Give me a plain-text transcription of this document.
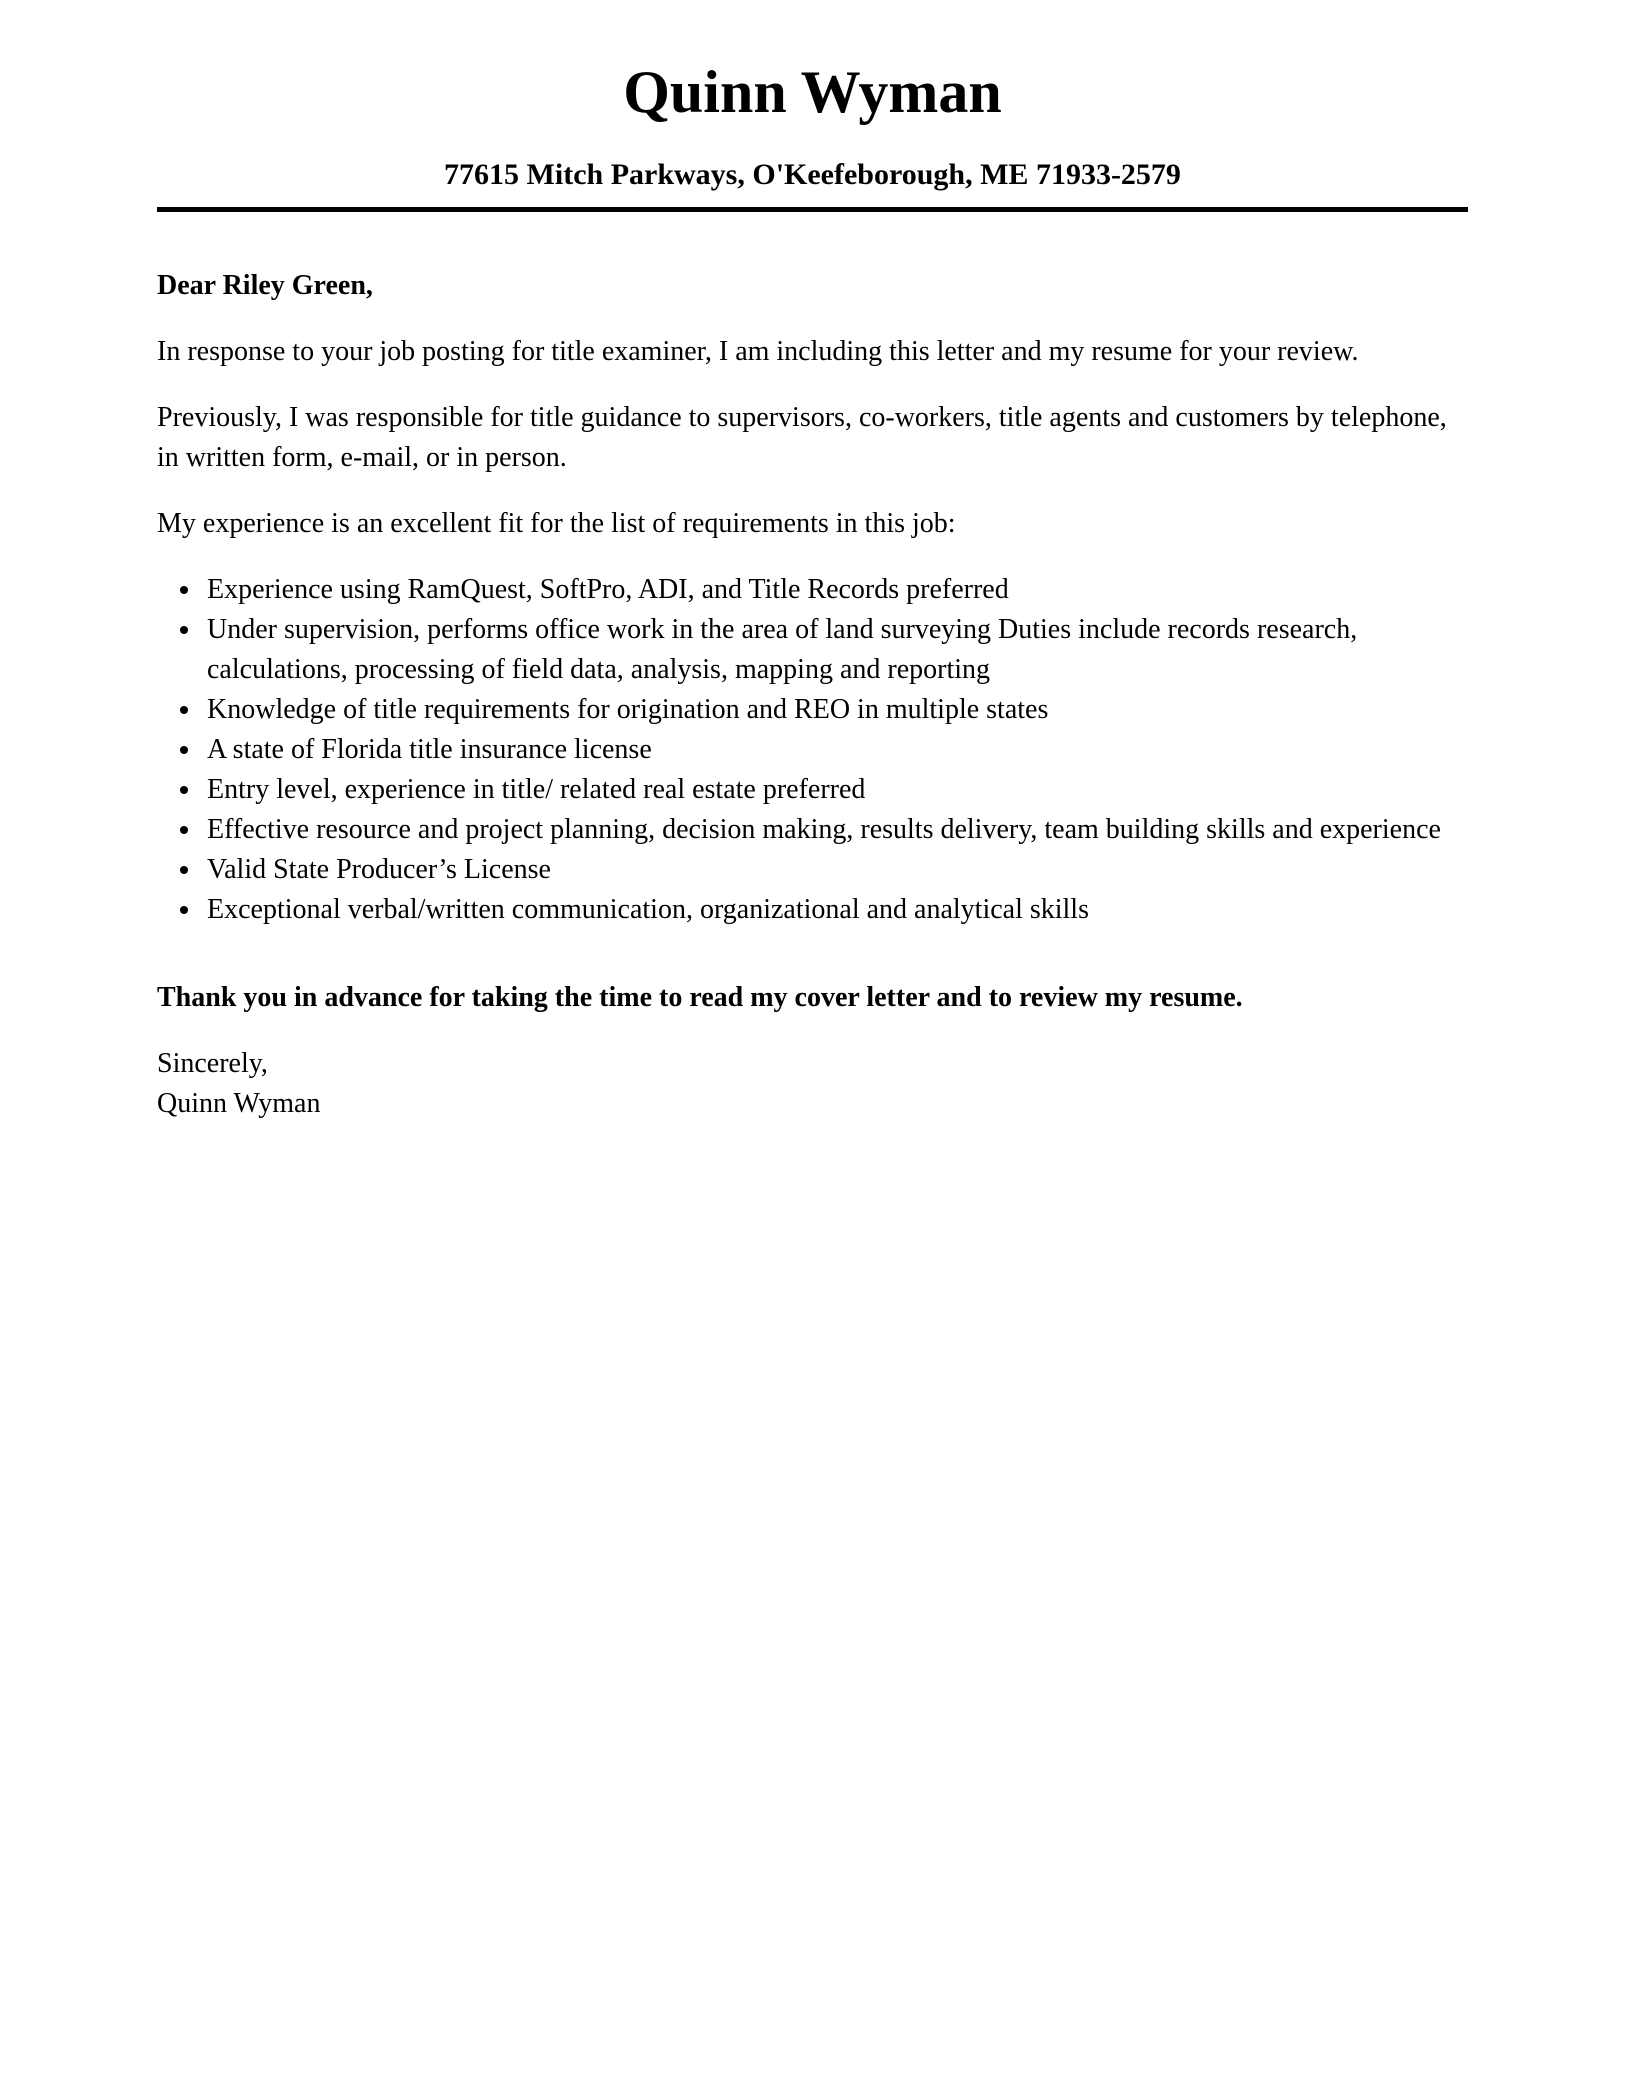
Quinn Wyman
77615 Mitch Parkways, O'Keefeborough, ME 71933-2579

Dear Riley Green,

In response to your job posting for title examiner, I am including this letter and my resume for your review.

Previously, I was responsible for title guidance to supervisors, co-workers, title agents and customers by telephone, in written form, e-mail, or in person.

My experience is an excellent fit for the list of requirements in this job:

• Experience using RamQuest, SoftPro, ADI, and Title Records preferred
• Under supervision, performs office work in the area of land surveying Duties include records research, calculations, processing of field data, analysis, mapping and reporting
• Knowledge of title requirements for origination and REO in multiple states
• A state of Florida title insurance license
• Entry level, experience in title/ related real estate preferred
• Effective resource and project planning, decision making, results delivery, team building skills and experience
• Valid State Producer’s License
• Exceptional verbal/written communication, organizational and analytical skills

Thank you in advance for taking the time to read my cover letter and to review my resume.

Sincerely,
Quinn Wyman
